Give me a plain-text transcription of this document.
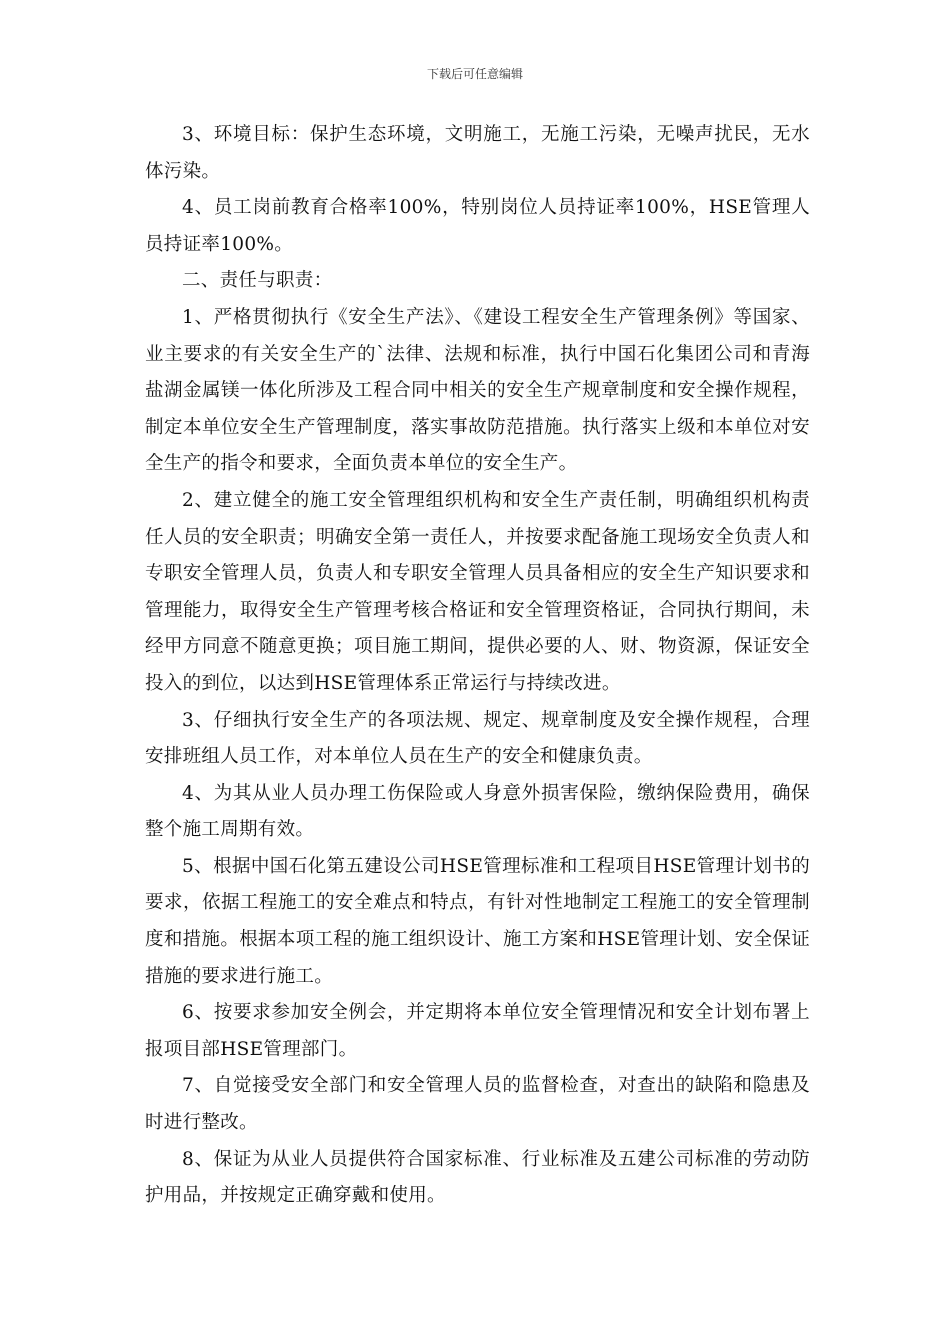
下载后可任意编辑

3、环境目标：保护生态环境，文明施工，无施工污染，无噪声扰民，无水体污染。

4、员工岗前教育合格率100%，特别岗位人员持证率100%，HSE管理人员持证率100%。

二、责任与职责：

1、严格贯彻执行《安全生产法》、《建设工程安全生产管理条例》等国家、业主要求的有关安全生产的`法律、法规和标准，执行中国石化集团公司和青海盐湖金属镁一体化所涉及工程合同中相关的安全生产规章制度和安全操作规程，制定本单位安全生产管理制度，落实事故防范措施。执行落实上级和本单位对安全生产的指令和要求，全面负责本单位的安全生产。

2、建立健全的施工安全管理组织机构和安全生产责任制，明确组织机构责任人员的安全职责；明确安全第一责任人，并按要求配备施工现场安全负责人和专职安全管理人员，负责人和专职安全管理人员具备相应的安全生产知识要求和管理能力，取得安全生产管理考核合格证和安全管理资格证，合同执行期间，未经甲方同意不随意更换；项目施工期间，提供必要的人、财、物资源，保证安全投入的到位，以达到HSE管理体系正常运行与持续改进。

3、仔细执行安全生产的各项法规、规定、规章制度及安全操作规程，合理安排班组人员工作，对本单位人员在生产的安全和健康负责。

4、为其从业人员办理工伤保险或人身意外损害保险，缴纳保险费用，确保整个施工周期有效。

5、根据中国石化第五建设公司HSE管理标准和工程项目HSE管理计划书的要求，依据工程施工的安全难点和特点，有针对性地制定工程施工的安全管理制度和措施。根据本项工程的施工组织设计、施工方案和HSE管理计划、安全保证措施的要求进行施工。

6、按要求参加安全例会，并定期将本单位安全管理情况和安全计划布署上报项目部HSE管理部门。

7、自觉接受安全部门和安全管理人员的监督检查，对查出的缺陷和隐患及时进行整改。

8、保证为从业人员提供符合国家标准、行业标准及五建公司标准的劳动防护用品，并按规定正确穿戴和使用。
